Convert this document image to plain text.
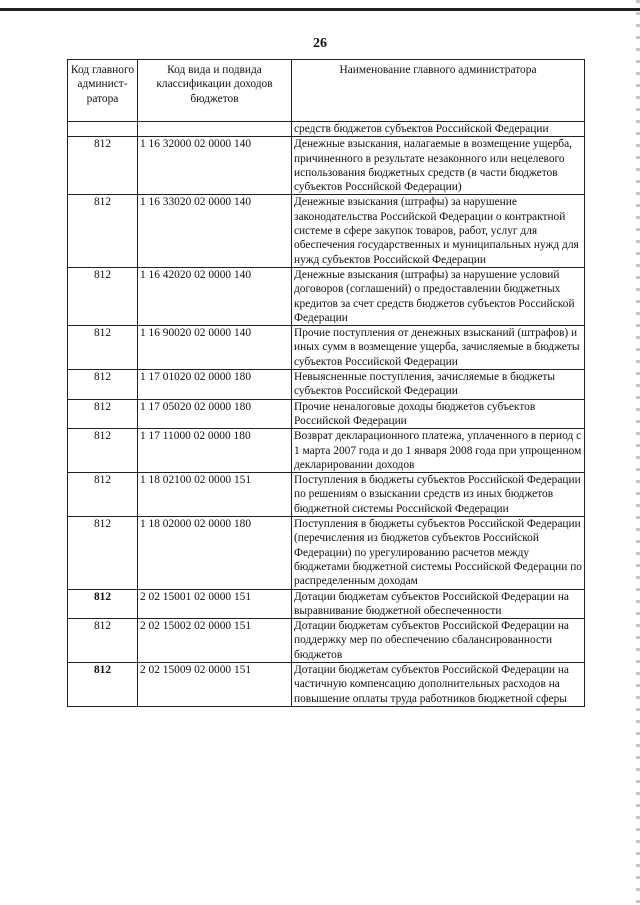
26
Код главного админист-ратора	Код вида и подвида классификации доходов бюджетов	Наименование главного администратора
		средств бюджетов субъектов Российской Федерации
812	1 16 32000 02 0000 140	Денежные взыскания, налагаемые в возмещение ущерба, причиненного в результате незаконного или нецелевого использования бюджетных средств (в части бюджетов субъектов Российской Федерации)
812	1 16 33020 02 0000 140	Денежные взыскания (штрафы) за нарушение законодательства Российской Федерации о контрактной системе в сфере закупок товаров, работ, услуг для обеспечения государственных и муниципальных нужд для нужд субъектов Российской Федерации
812	1 16 42020 02 0000 140	Денежные взыскания (штрафы) за нарушение условий договоров (соглашений) о предоставлении бюджетных кредитов за счет средств бюджетов субъектов Российской Федерации
812	1 16 90020 02 0000 140	Прочие поступления от денежных взысканий (штрафов) и иных сумм в возмещение ущерба, зачисляемые в бюджеты субъектов Российской Федерации
812	1 17 01020 02 0000 180	Невыясненные поступления, зачисляемые в бюджеты субъектов Российской Федерации
812	1 17 05020 02 0000 180	Прочие неналоговые доходы бюджетов субъектов Российской Федерации
812	1 17 11000 02 0000 180	Возврат декларационного платежа, уплаченного в период с 1 марта 2007 года и до 1 января 2008 года при упрощенном декларировании доходов
812	1 18 02100 02 0000 151	Поступления в бюджеты субъектов Российской Федерации по решениям о взыскании средств из иных бюджетов бюджетной системы Российской Федерации
812	1 18 02000 02 0000 180	Поступления в бюджеты субъектов Российской Федерации (перечисления из бюджетов субъектов Российской Федерации) по урегулированию расчетов между бюджетами бюджетной системы Российской Федерации по распределенным доходам
812	2 02 15001 02 0000 151	Дотации бюджетам субъектов Российской Федерации на выравнивание бюджетной обеспеченности
812	2 02 15002 02 0000 151	Дотации бюджетам субъектов Российской Федерации на поддержку мер по обеспечению сбалансированности бюджетов
812	2 02 15009 02 0000 151	Дотации бюджетам субъектов Российской Федерации на частичную компенсацию дополнительных расходов на повышение оплаты труда работников бюджетной сферы
